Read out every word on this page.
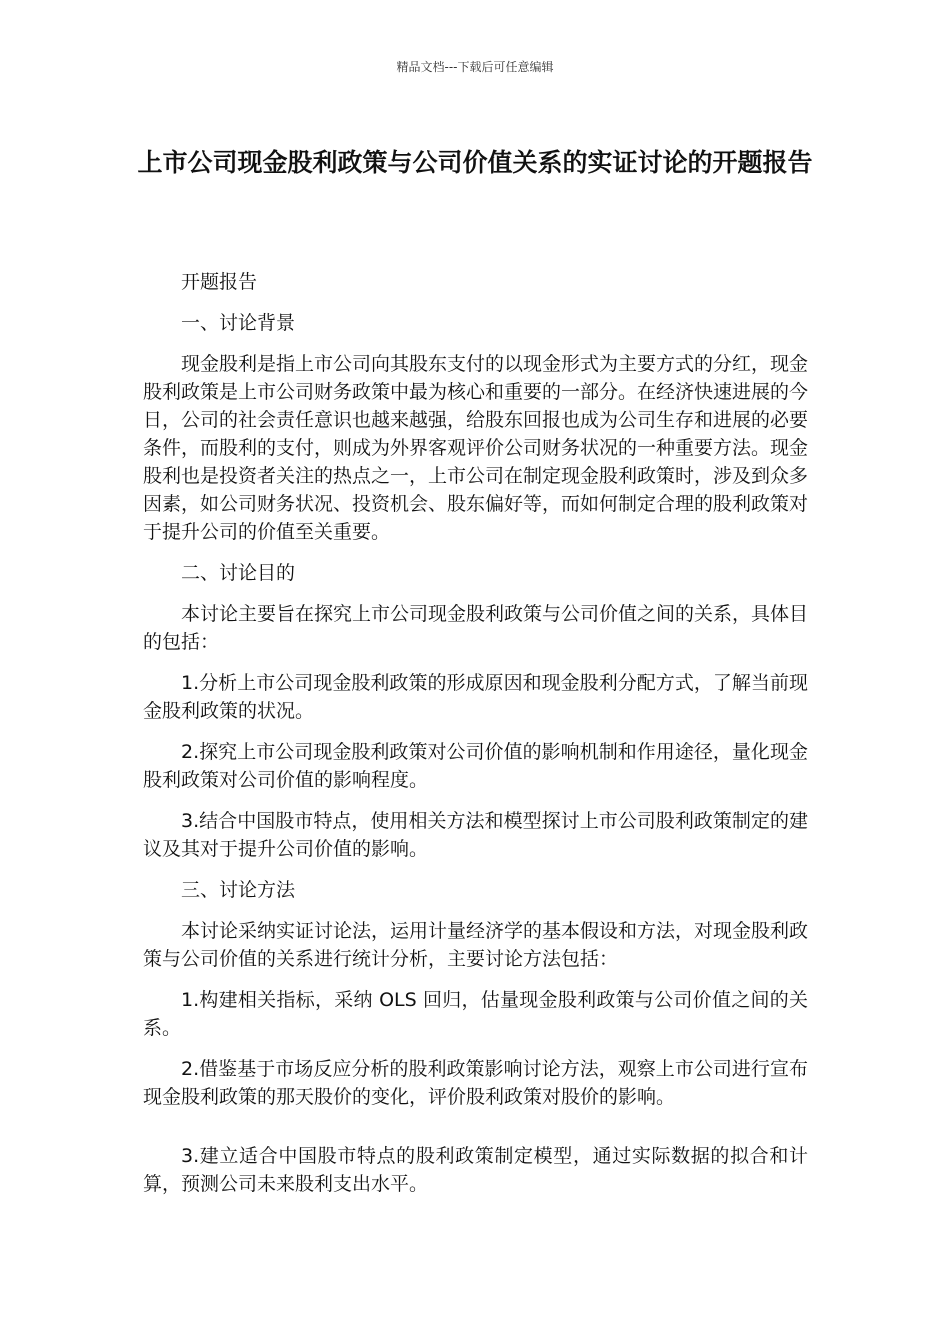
精品文档---下载后可任意编辑
上市公司现金股利政策与公司价值关系的实证讨论的开题报告

开题报告

一、讨论背景

现金股利是指上市公司向其股东支付的以现金形式为主要方式的分红，现金股利政策是上市公司财务政策中最为核心和重要的一部分。在经济快速进展的今日，公司的社会责任意识也越来越强，给股东回报也成为公司生存和进展的必要条件，而股利的支付，则成为外界客观评价公司财务状况的一种重要方法。现金股利也是投资者关注的热点之一，上市公司在制定现金股利政策时，涉及到众多因素，如公司财务状况、投资机会、股东偏好等，而如何制定合理的股利政策对于提升公司的价值至关重要。

二、讨论目的

本讨论主要旨在探究上市公司现金股利政策与公司价值之间的关系，具体目的包括：

1.分析上市公司现金股利政策的形成原因和现金股利分配方式，了解当前现金股利政策的状况。

2.探究上市公司现金股利政策对公司价值的影响机制和作用途径，量化现金股利政策对公司价值的影响程度。

3.结合中国股市特点，使用相关方法和模型探讨上市公司股利政策制定的建议及其对于提升公司价值的影响。

三、讨论方法

本讨论采纳实证讨论法，运用计量经济学的基本假设和方法，对现金股利政策与公司价值的关系进行统计分析，主要讨论方法包括：

1.构建相关指标，采纳 OLS 回归，估量现金股利政策与公司价值之间的关系。

2.借鉴基于市场反应分析的股利政策影响讨论方法，观察上市公司进行宣布现金股利政策的那天股价的变化，评价股利政策对股价的影响。

3.建立适合中国股市特点的股利政策制定模型，通过实际数据的拟合和计算，预测公司未来股利支出水平。
